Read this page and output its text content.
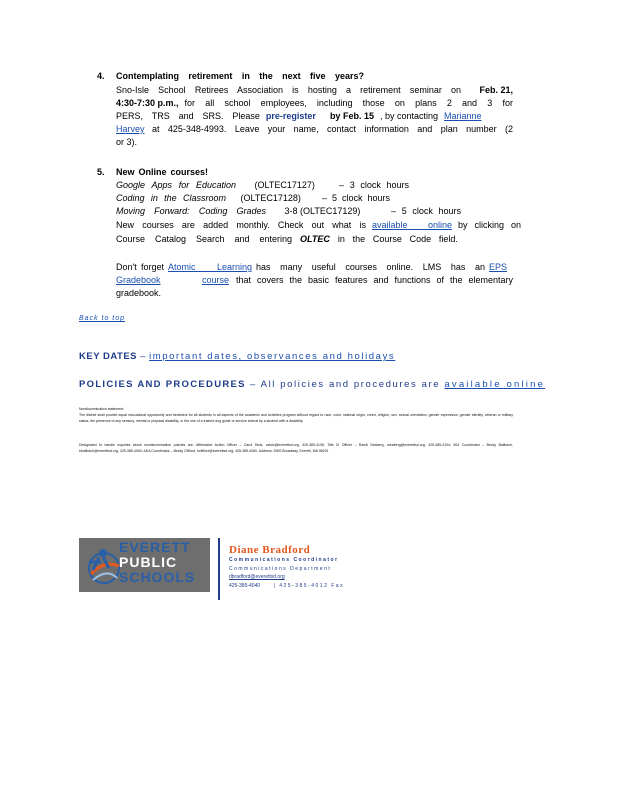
4. Contemplating retirement in the next five years?
Sno-Isle School Retirees Association is hosting a retirement seminar on Feb. 21,
4:30-7:30 p.m., for all school employees, including those on plans 2 and 3 for
PERS, TRS and SRS. Please pre-register by Feb. 15 , by contacting Marianne
Harvey at 425-348-4993. Leave your name, contact information and plan number (2
or 3).
5. New Online courses!
Google Apps for Education (OLTEC17127)	– 3 clock hours
Coding in the Classroom (OLTEC17128) – 5 clock hours
Moving Forward: Coding Grades 3-8 (OLTEC17129)	– 5 clock hours
New courses are added monthly. Check out what is available online by clicking on
Course Catalog Search and entering OLTEC in the Course Code field.
Don't forget Atomic Learning has many useful courses online. LMS has an EPS
Gradebook	course that covers the basic features and functions of the elementary
gradebook.
Back to top
KEY DATES – important dates, observances and holidays
POLICIES AND PROCEDURES – All policies and procedures are available online
Nondiscrimination statement:
The district shall provide equal educational opportunity and treatment for all students in all aspects of the academic and activities program without regard to race, color, national origin, creed, religion, sex, sexual orientation, gender expression, gender identity, veteran or military status, the presence of any sensory, mental or physical disability, or the use of a trained dog guide or service animal by a student with a disability.
Designated to handle inquiries about nondiscrimination policies are: Affirmative Action Officer – Carol Stolz, cstolz@everettsd.org, 425-385-4106; Title IX Officer – Randi Seaberg, rseaberg@everettsd.org, 425-385-4104; 504 Coordinator – Becky Ballbach, bballbach@everettsd.org, 425-385-4063; ADA Coordinator – Becky Clifford, bclifford@everettsd.org, 425-385-4260. Address: 3900 Broadway, Everett, WA 98201
EVERETT
PUBLIC
SCHOOLS
Diane Bradford
Communications Coordinator
Communications Department
dbradford@everettsd.org
425-385-4040	| 425-385-4012 Fax
